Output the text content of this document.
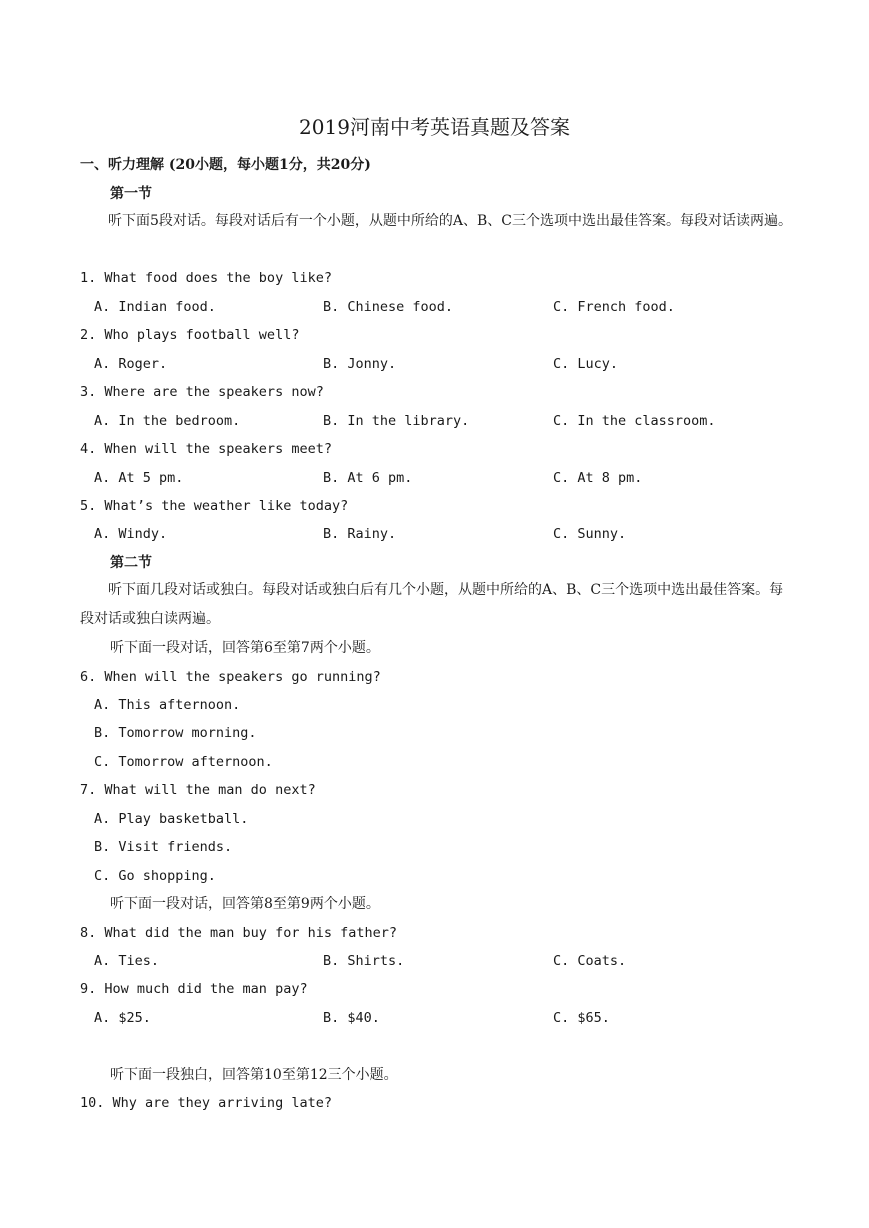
2019河南中考英语真题及答案
一、听力理解 (20小题，每小题1分，共20分)
第一节
听下面5段对话。每段对话后有一个小题，从题中所给的A、B、C三个选项中选出最佳答案。每段对话读两遍。
1. What food does the boy like?
A. Indian food.	B. Chinese food.	C. French food.
2. Who plays football well?
A. Roger.	B. Jonny.	C. Lucy.
3. Where are the speakers now?
A. In the bedroom.	B. In the library.	C. In the classroom.
4. When will the speakers meet?
A. At 5 pm.	B. At 6 pm.	C. At 8 pm.
5. What’s the weather like today?
A. Windy.	B. Rainy.	C. Sunny.
第二节
听下面几段对话或独白。每段对话或独白后有几个小题，从题中所给的A、B、C三个选项中选出最佳答案。每段对话或独白读两遍。
听下面一段对话，回答第6至第7两个小题。
6. When will the speakers go running?
A. This afternoon.
B. Tomorrow morning.
C. Tomorrow afternoon.
7. What will the man do next?
A. Play basketball.
B. Visit friends.
C. Go shopping.
听下面一段对话，回答第8至第9两个小题。
8. What did the man buy for his father?
A. Ties.	B. Shirts.	C. Coats.
9. How much did the man pay?
A. $25.	B. $40.	C. $65.
听下面一段独白，回答第10至第12三个小题。
10. Why are they arriving late?
